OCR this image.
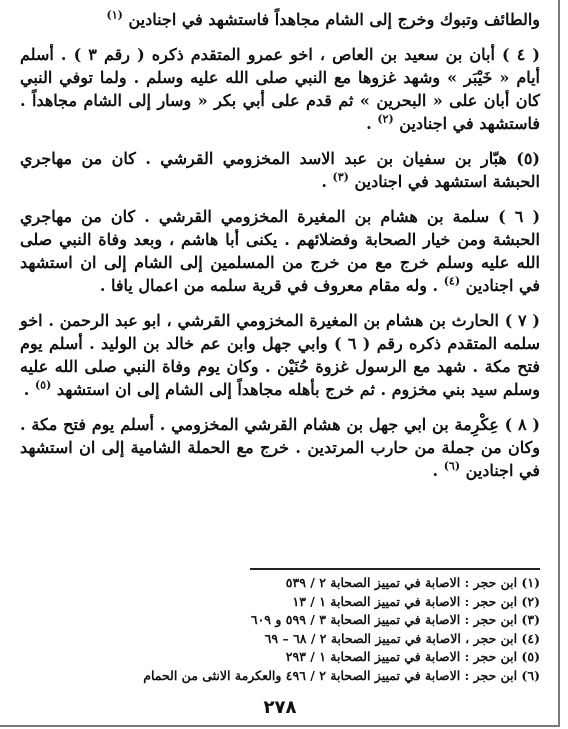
والطائف وتبوك وخرج إلى الشام مجاهداً فاستشهد في اجنادين $^{(١)}$

( ٤ ) أبان بن سعيد بن العاص ، اخو عمرو المتقدم ذكره ( رقم ٣ ) . أسلم أيام « خَيْبَر » وشهد غزوها مع النبي صلى الله عليه وسلم . ولما توفي النبي كان أبان على « البحرين » ثم قدم على أبي بكر « وسار إلى الشام مجاهداً . فاستشهد في اجنادين $^{(٢)}$ .

(٥) هبّار بن سفيان بن عبد الاسد المخزومي القرشي . كان من مهاجري الحبشة استشهد في اجنادين $^{(٣)}$ .

( ٦ ) سلمة بن هشام بن المغيرة المخزومي القرشي . كان من مهاجري الحبشة ومن خيار الصحابة وفضلائهم . يكنى أبا هاشم ، وبعد وفاة النبي صلى الله عليه وسلم خرج مع من خرج من المسلمين إلى الشام إلى ان استشهد في اجنادين $^{(٤)}$ . وله مقام معروف في قرية سلمه من اعمال يافا .

( ٧ ) الحارث بن هشام بن المغيرة المخزومي القرشي ، ابو عبد الرحمن . اخو سلمه المتقدم ذكره رقم ( ٦ ) وابي جهل وابن عم خالد بن الوليد . أسلم يوم فتح مكة . شهد مع الرسول غزوة حُنَيْن . وكان يوم وفاة النبي صلى الله عليه وسلم سيد بني مخزوم . ثم خرج بأهله مجاهداً إلى الشام إلى ان استشهد $^{(٥)}$ .

( ٨ ) عِكْرِمة بن ابي جهل بن هشام القرشي المخزومي . أسلم يوم فتح مكة . وكان من جملة من حارب المرتدين . خرج مع الحملة الشامية إلى ان استشهد في اجنادين $^{(٦)}$ .

(١) ابن حجر : الاصابة في تمييز الصحابة ٢ / ٥٣٩
(٢) ابن حجر : الاصابة في تمييز الصحابة ١ / ١٣
(٣) ابن حجر : الاصابة في تمييز الصحابة ٣ / ٥٩٩ و ٦٠٩
(٤) ابن حجر ، الاصابة في تمييز الصحابة ٢ / ٦٨ – ٦٩
(٥) ابن حجر : الاصابة في تمييز الصحابة ١ / ٢٩٣
(٦) ابن حجر : الاصابة في تمييز الصحابة ٢ / ٤٩٦ والعكرمة الانثى من الحمام
٢٧٨
